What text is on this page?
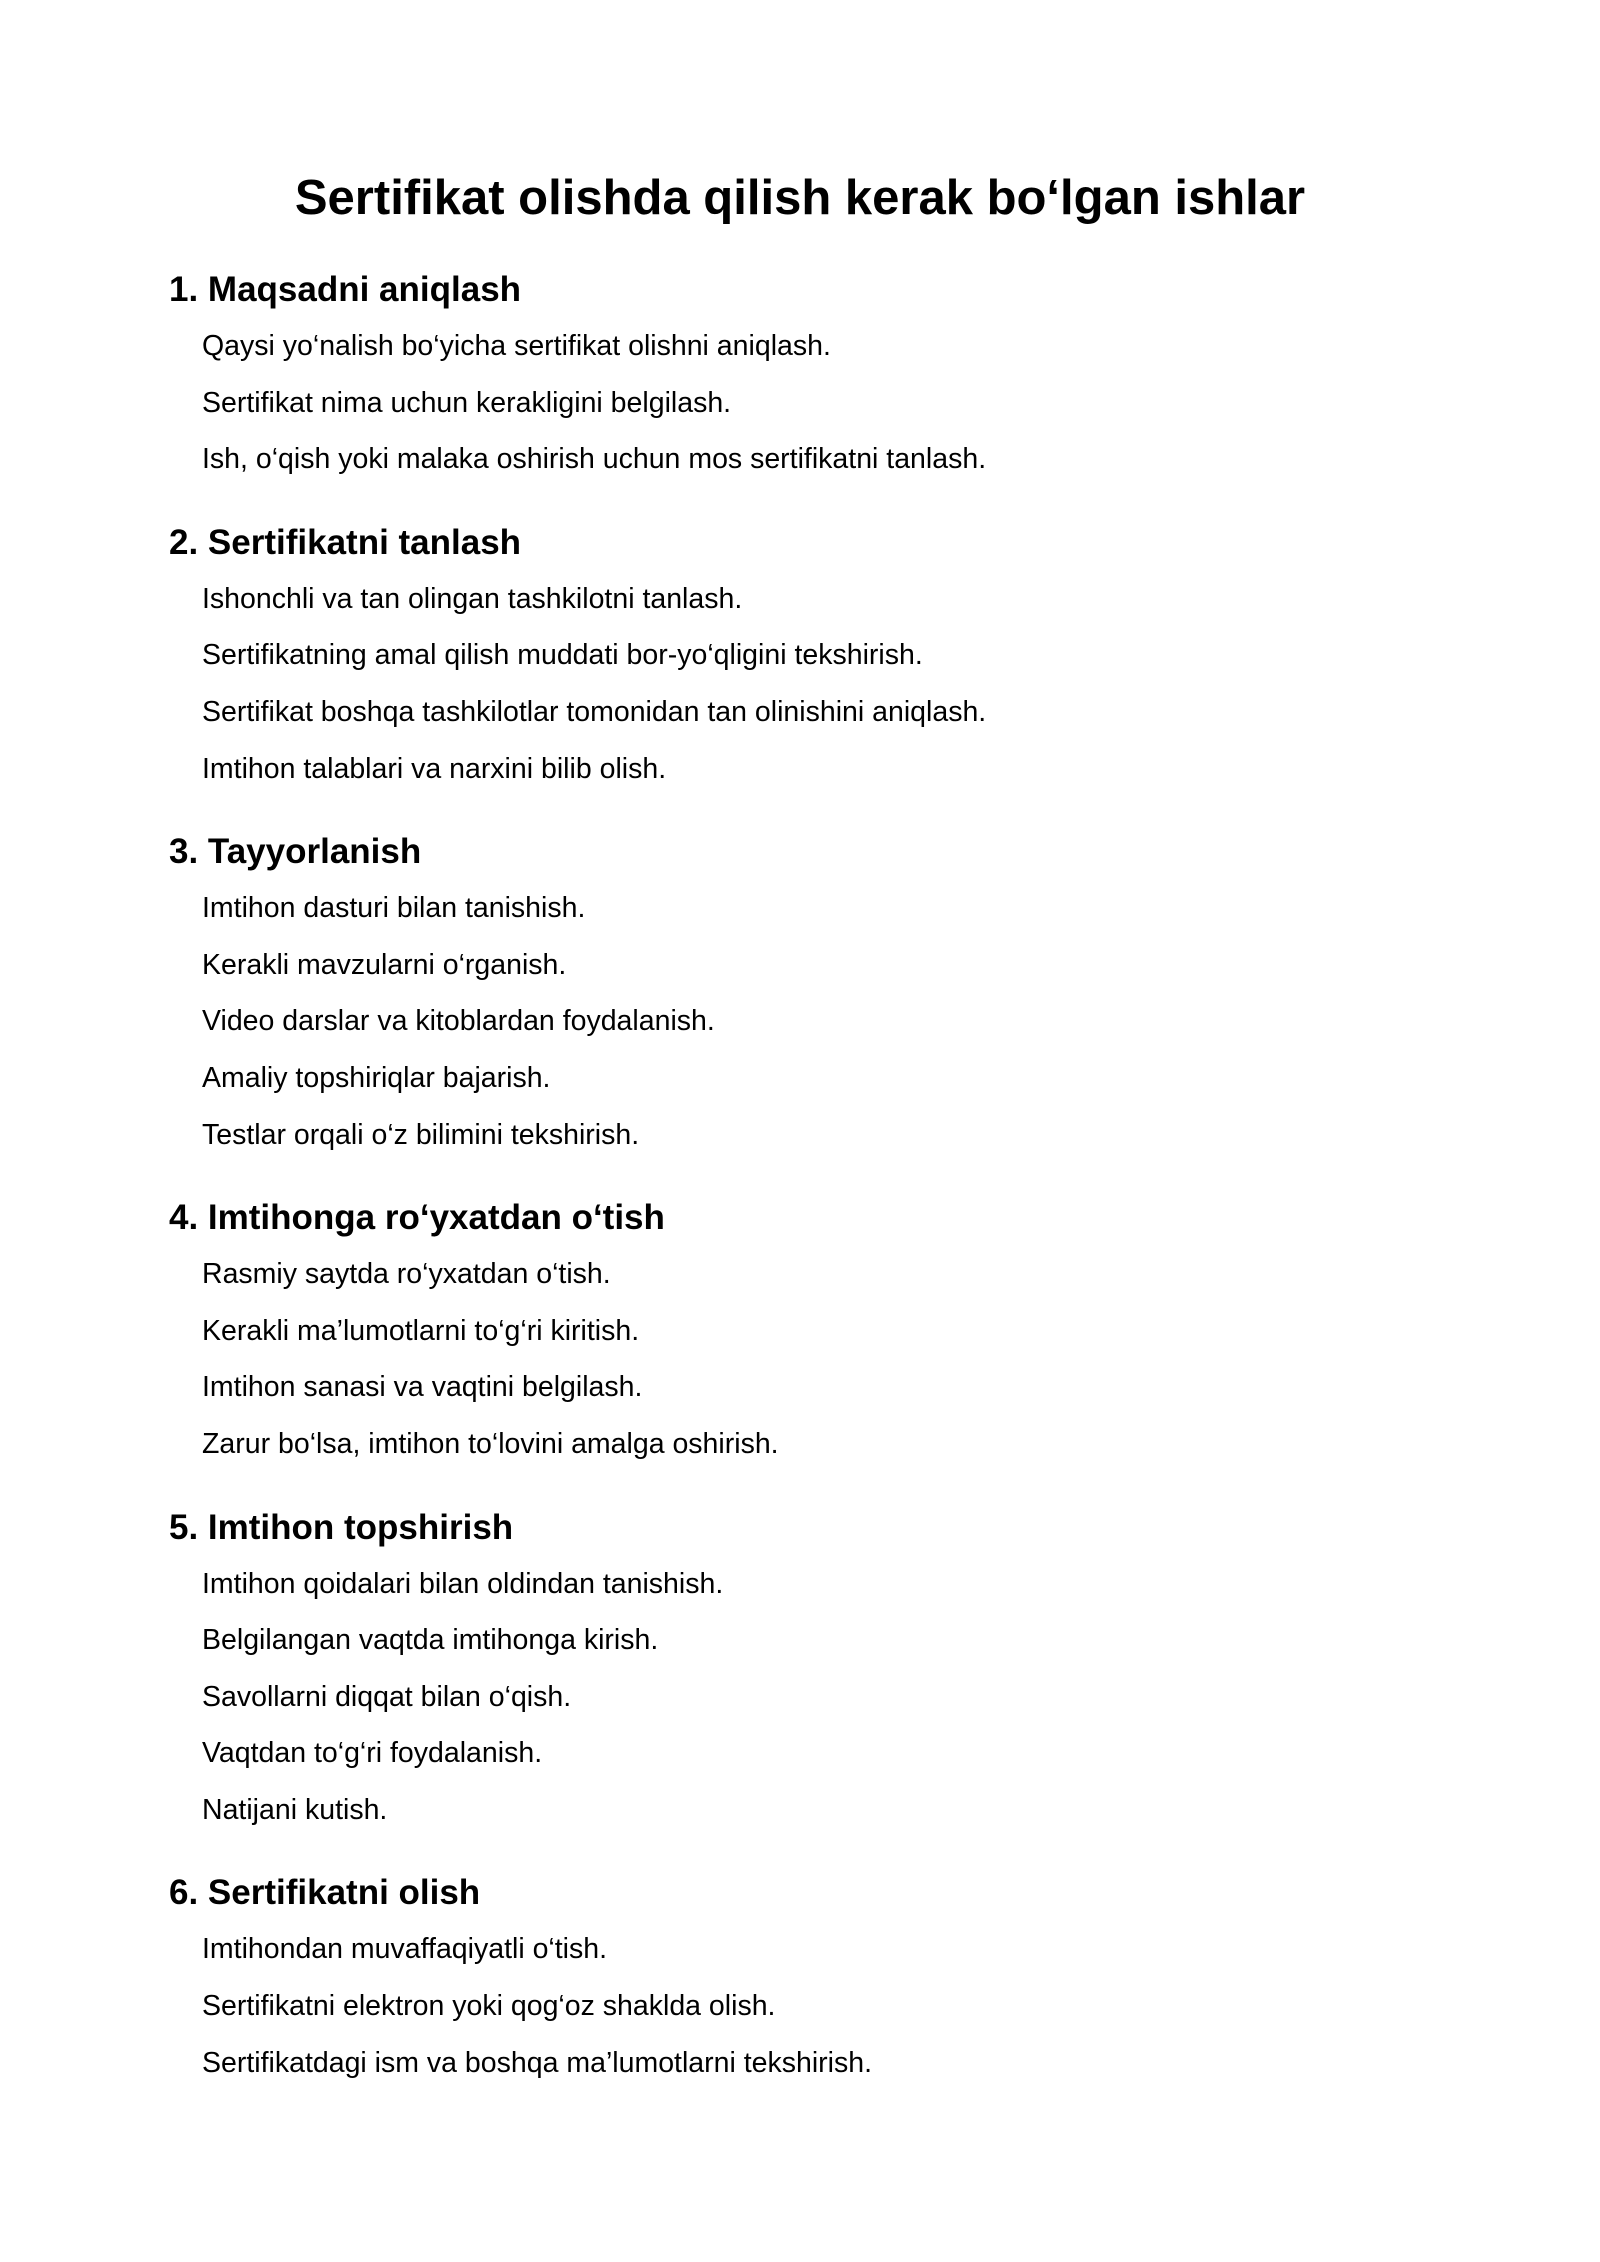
Sertifikat olishda qilish kerak bo‘lgan ishlar
1. Maqsadni aniqlash
Qaysi yo‘nalish bo‘yicha sertifikat olishni aniqlash.
Sertifikat nima uchun kerakligini belgilash.
Ish, o‘qish yoki malaka oshirish uchun mos sertifikatni tanlash.
2. Sertifikatni tanlash
Ishonchli va tan olingan tashkilotni tanlash.
Sertifikatning amal qilish muddati bor-yo‘qligini tekshirish.
Sertifikat boshqa tashkilotlar tomonidan tan olinishini aniqlash.
Imtihon talablari va narxini bilib olish.
3. Tayyorlanish
Imtihon dasturi bilan tanishish.
Kerakli mavzularni o‘rganish.
Video darslar va kitoblardan foydalanish.
Amaliy topshiriqlar bajarish.
Testlar orqali o‘z bilimini tekshirish.
4. Imtihonga ro‘yxatdan o‘tish
Rasmiy saytda ro‘yxatdan o‘tish.
Kerakli ma’lumotlarni to‘g‘ri kiritish.
Imtihon sanasi va vaqtini belgilash.
Zarur bo‘lsa, imtihon to‘lovini amalga oshirish.
5. Imtihon topshirish
Imtihon qoidalari bilan oldindan tanishish.
Belgilangan vaqtda imtihonga kirish.
Savollarni diqqat bilan o‘qish.
Vaqtdan to‘g‘ri foydalanish.
Natijani kutish.
6. Sertifikatni olish
Imtihondan muvaffaqiyatli o‘tish.
Sertifikatni elektron yoki qog‘oz shaklda olish.
Sertifikatdagi ism va boshqa ma’lumotlarni tekshirish.
